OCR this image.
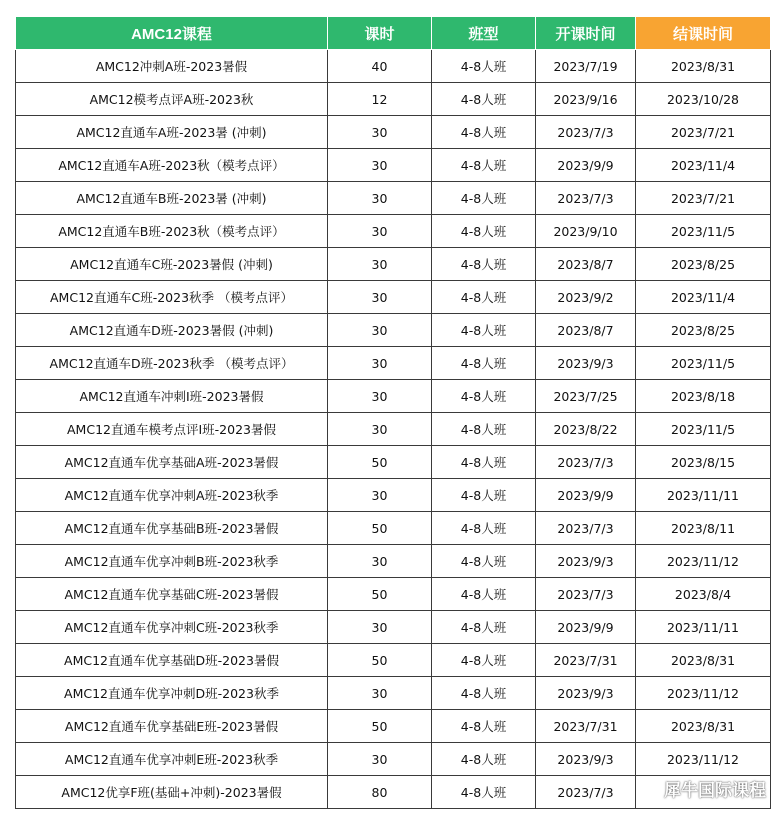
AMC12课程	课时	班型	开课时间	结课时间
AMC12冲刺A班-2023暑假	40	4-8人班	2023/7/19	2023/8/31
AMC12模考点评A班-2023秋	12	4-8人班	2023/9/16	2023/10/28
AMC12直通车A班-2023暑 (冲刺)	30	4-8人班	2023/7/3	2023/7/21
AMC12直通车A班-2023秋（模考点评）	30	4-8人班	2023/9/9	2023/11/4
AMC12直通车B班-2023暑 (冲刺)	30	4-8人班	2023/7/3	2023/7/21
AMC12直通车B班-2023秋（模考点评）	30	4-8人班	2023/9/10	2023/11/5
AMC12直通车C班-2023暑假 (冲刺)	30	4-8人班	2023/8/7	2023/8/25
AMC12直通车C班-2023秋季 （模考点评）	30	4-8人班	2023/9/2	2023/11/4
AMC12直通车D班-2023暑假 (冲刺)	30	4-8人班	2023/8/7	2023/8/25
AMC12直通车D班-2023秋季 （模考点评）	30	4-8人班	2023/9/3	2023/11/5
AMC12直通车冲刺I班-2023暑假	30	4-8人班	2023/7/25	2023/8/18
AMC12直通车模考点评I班-2023暑假	30	4-8人班	2023/8/22	2023/11/5
AMC12直通车优享基础A班-2023暑假	50	4-8人班	2023/7/3	2023/8/15
AMC12直通车优享冲刺A班-2023秋季	30	4-8人班	2023/9/9	2023/11/11
AMC12直通车优享基础B班-2023暑假	50	4-8人班	2023/7/3	2023/8/11
AMC12直通车优享冲刺B班-2023秋季	30	4-8人班	2023/9/3	2023/11/12
AMC12直通车优享基础C班-2023暑假	50	4-8人班	2023/7/3	2023/8/4
AMC12直通车优享冲刺C班-2023秋季	30	4-8人班	2023/9/9	2023/11/11
AMC12直通车优享基础D班-2023暑假	50	4-8人班	2023/7/31	2023/8/31
AMC12直通车优享冲刺D班-2023秋季	30	4-8人班	2023/9/3	2023/11/12
AMC12直通车优享基础E班-2023暑假	50	4-8人班	2023/7/31	2023/8/31
AMC12直通车优享冲刺E班-2023秋季	30	4-8人班	2023/9/3	2023/11/12
AMC12优享F班(基础+冲刺)-2023暑假	80	4-8人班	2023/7/3		犀牛国际课程
